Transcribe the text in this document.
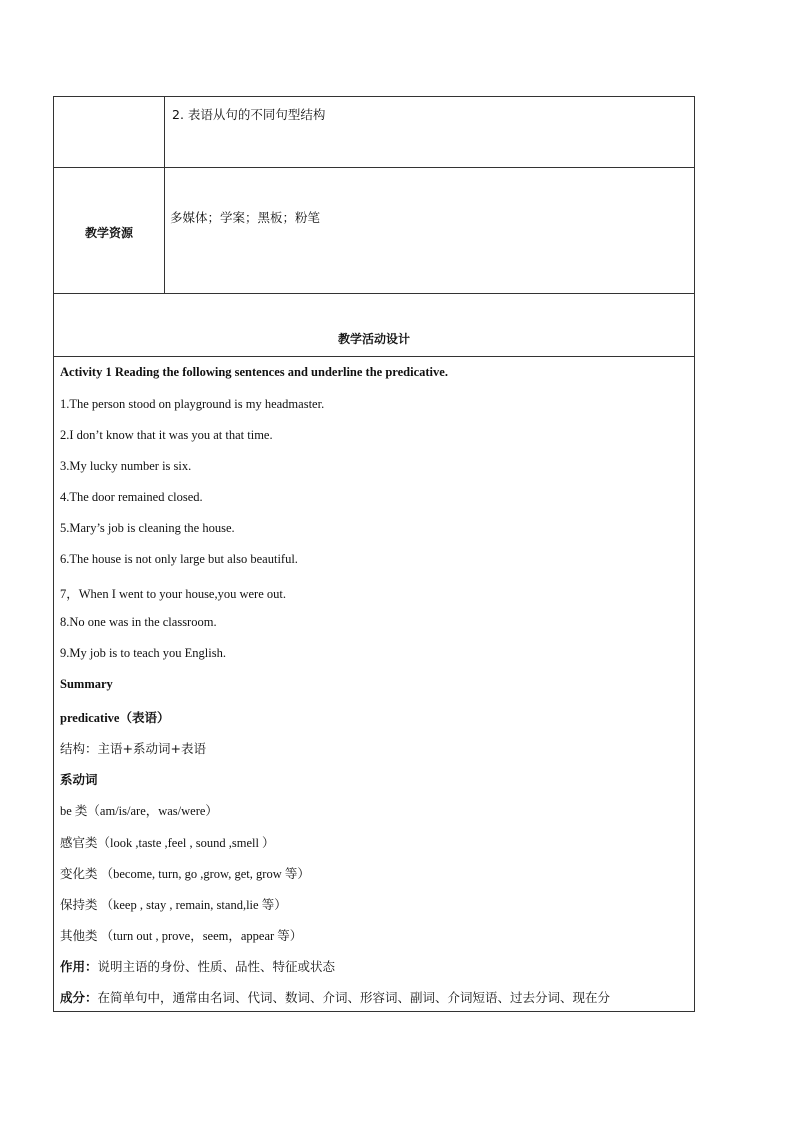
2. 表语从句的不同句型结构
教学资源
多媒体；学案；黑板；粉笔
教学活动设计
Activity 1 Reading the following sentences and underline the predicative.
1.The person stood on playground is my headmaster.
2.I don’t know that it was you at that time.
3.My lucky number is six.
4.The door remained closed.
5.Mary’s job is cleaning the house.
6.The house is not only large but also beautiful.
7，When I went to your house,you were out.
8.No one was in the classroom.
9.My job is to teach you English.
Summary
predicative（表语）
结构：主语+系动词+表语
系动词
be 类（am/is/are，was/were）
感官类（look ,taste ,feel , sound ,smell ）
变化类 （become, turn, go ,grow, get, grow 等）
保持类 （keep , stay , remain, stand,lie 等）
其他类 （turn out , prove，seem，appear 等）
作用：说明主语的身份、性质、品性、特征或状态
成分：在简单句中，通常由名词、代词、数词、介词、形容词、副词、介词短语、过去分词、现在分
